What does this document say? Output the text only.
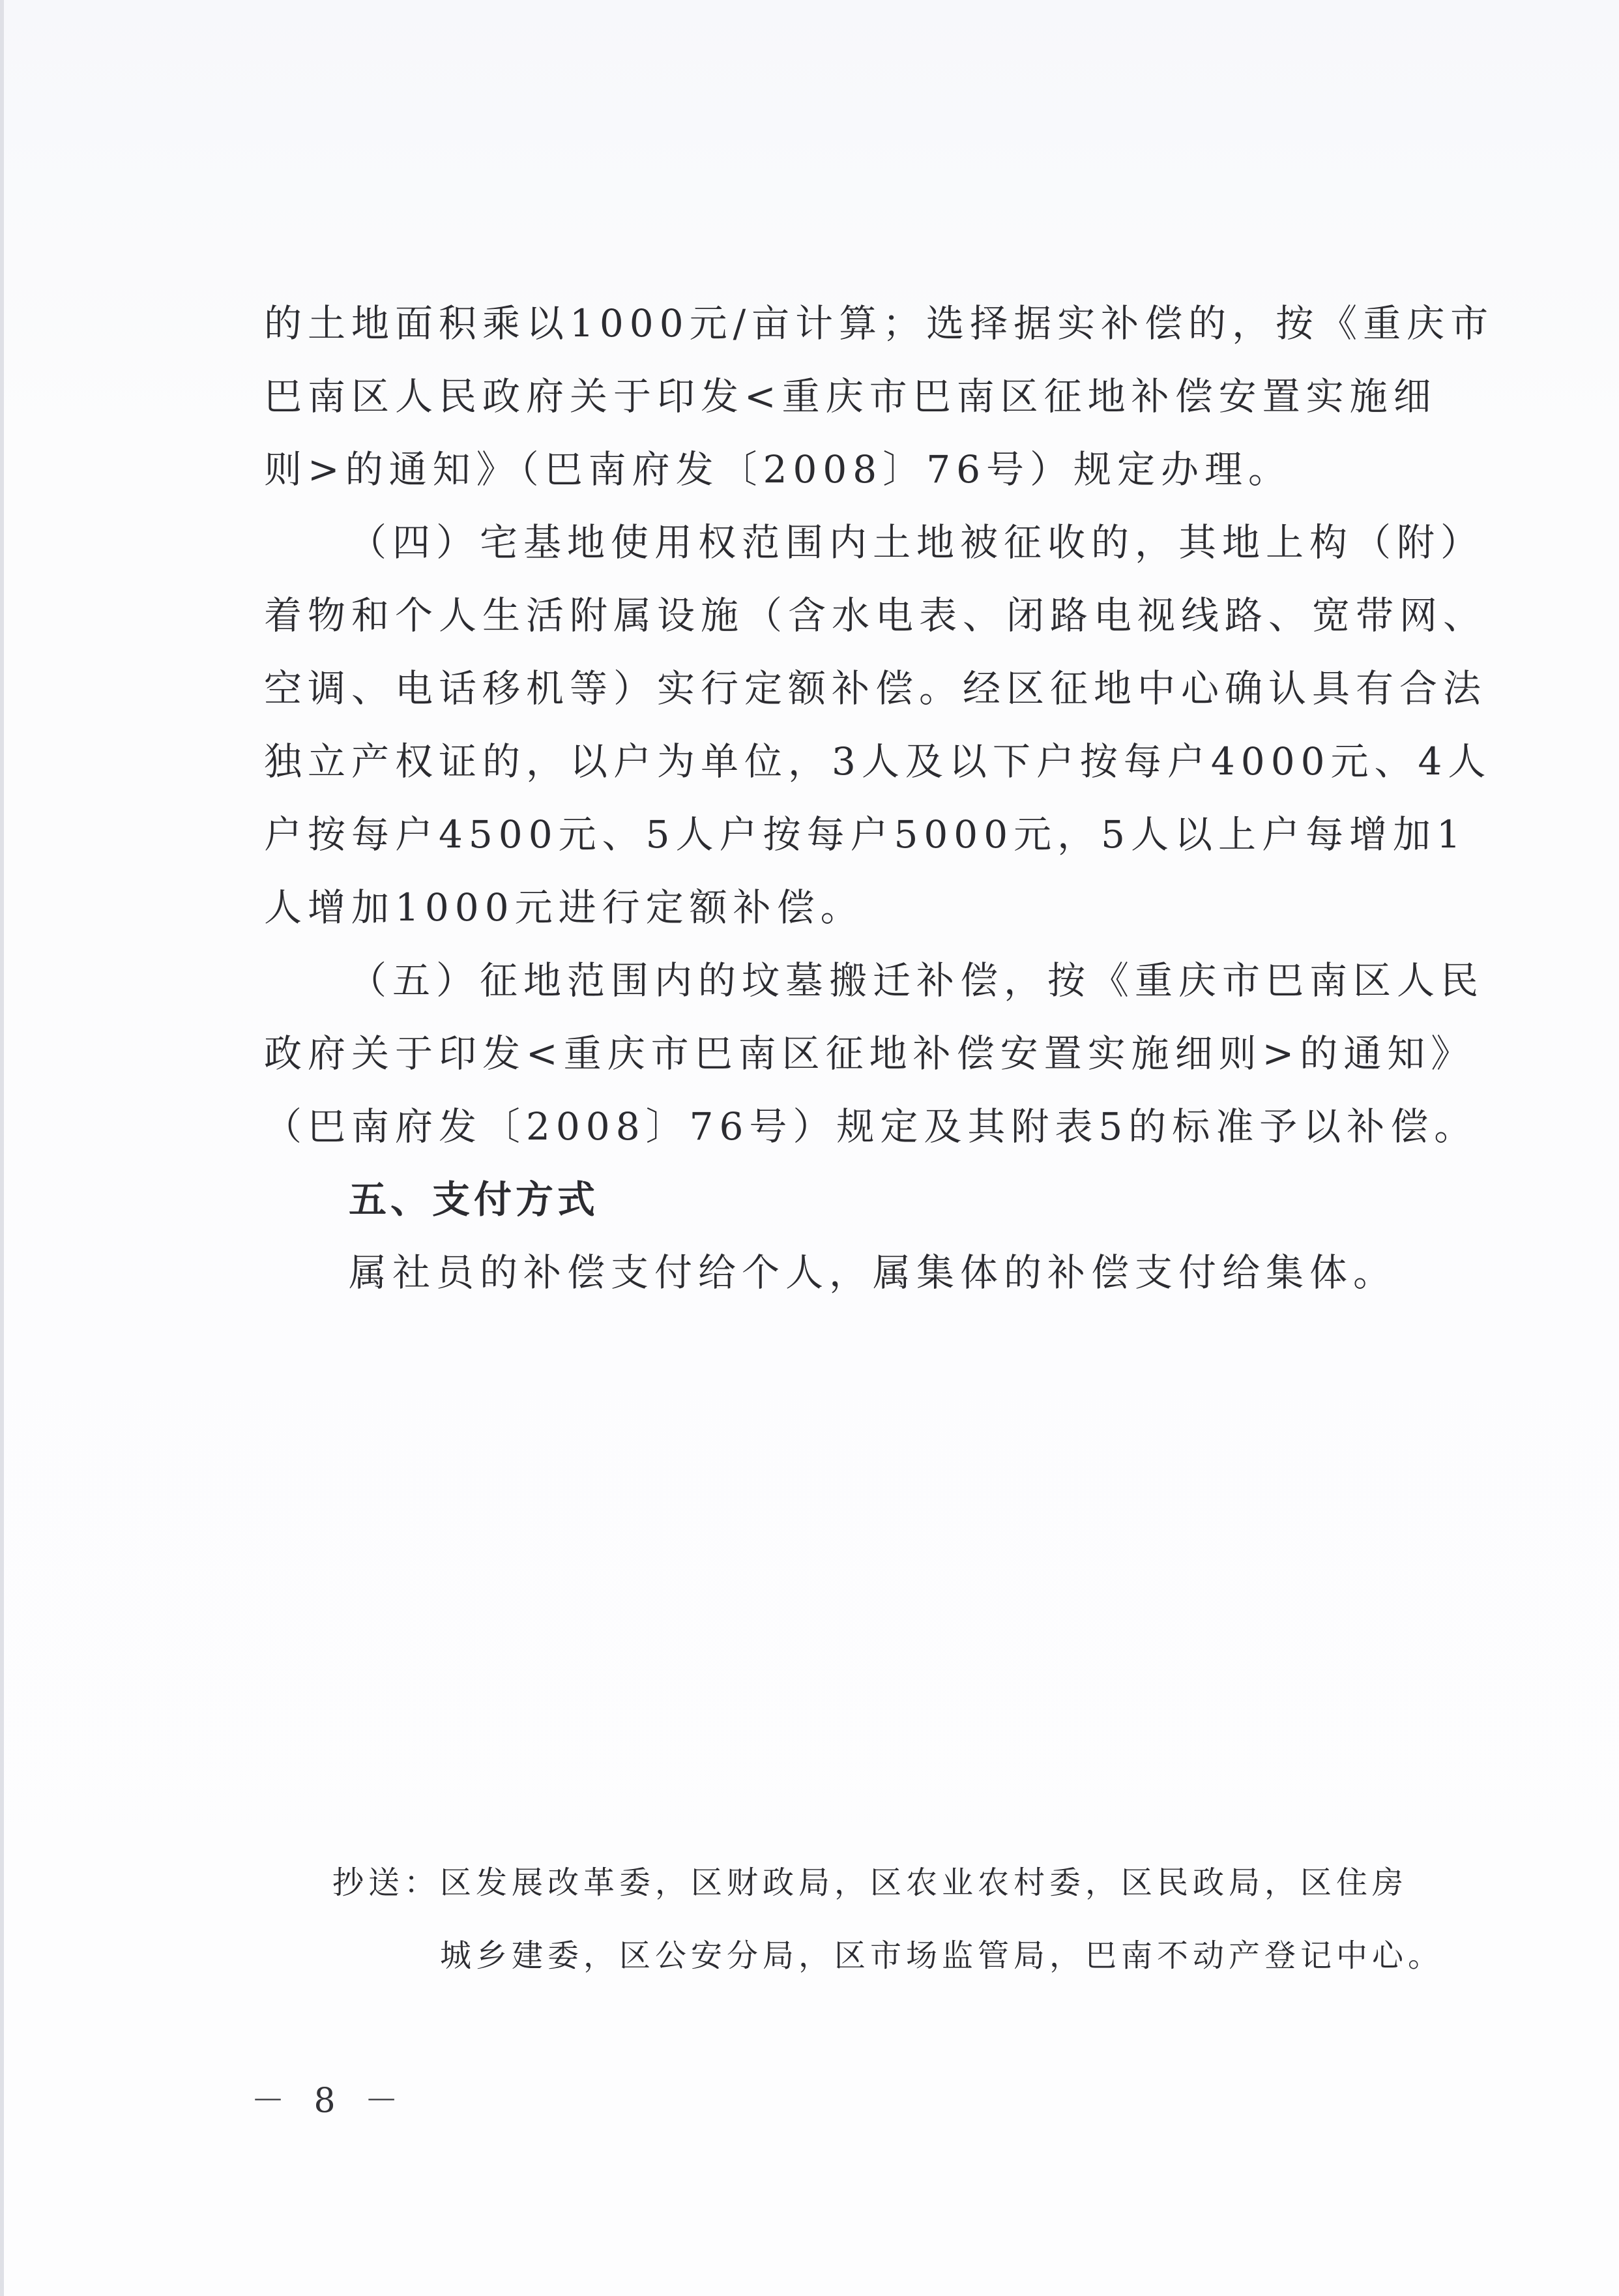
的土地面积乘以1000元/亩计算；选择据实补偿的，按《重庆市
巴南区人民政府关于印发<重庆市巴南区征地补偿安置实施细
则>的通知》（巴南府发〔2008〕76号）规定办理。
（四）宅基地使用权范围内土地被征收的，其地上构（附）
着物和个人生活附属设施（含水电表、闭路电视线路、宽带网、
空调、电话移机等）实行定额补偿。经区征地中心确认具有合法
独立产权证的，以户为单位，3人及以下户按每户4000元、4人
户按每户4500元、5人户按每户5000元，5人以上户每增加1
人增加1000元进行定额补偿。
（五）征地范围内的坟墓搬迁补偿，按《重庆市巴南区人民
政府关于印发<重庆市巴南区征地补偿安置实施细则>的通知》
（巴南府发〔2008〕76号）规定及其附表5的标准予以补偿。
五、支付方式
属社员的补偿支付给个人，属集体的补偿支付给集体。
抄送：区发展改革委，区财政局，区农业农村委，区民政局，区住房
城乡建委，区公安分局，区市场监管局，巴南不动产登记中心。
－ 8 －
